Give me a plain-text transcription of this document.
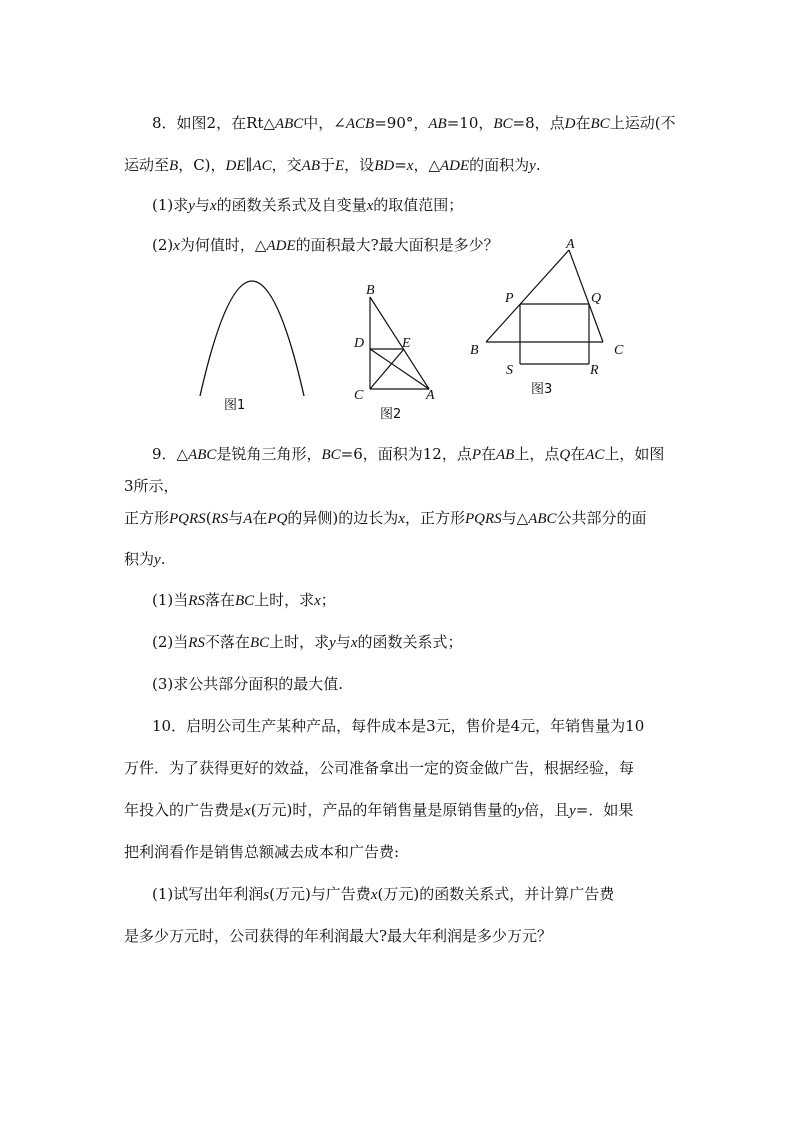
8．如图2，在Rt△ABC中，∠ACB=90°，AB=10，BC=8，点D在BC上运动(不
运动至B，C)，DE∥AC，交AB于E，设BD=x，△ADE的面积为y.
(1)求y与x的函数关系式及自变量x的取值范围；
(2)x为何值时，△ADE的面积最大?最大面积是多少？
图1
B
D	E
C	A
图2
A
P	Q
B	C
S	R
图3
9．△ABC是锐角三角形，BC=6，面积为12，点P在AB上，点Q在AC上，如图
3所示，
正方形PQRS(RS与A在PQ的异侧)的边长为x，正方形PQRS与△ABC公共部分的面
积为y.
(1)当RS落在BC上时，求x；
(2)当RS不落在BC上时，求y与x的函数关系式；
(3)求公共部分面积的最大值.
10．启明公司生产某种产品，每件成本是3元，售价是4元，年销售量为10
万件．为了获得更好的效益，公司准备拿出一定的资金做广告，根据经验，每
年投入的广告费是x(万元)时，产品的年销售量是原销售量的y倍，且y=．如果
把利润看作是销售总额减去成本和广告费:
(1)试写出年利润s(万元)与广告费x(万元)的函数关系式，并计算广告费
是多少万元时，公司获得的年利润最大?最大年利润是多少万元？
